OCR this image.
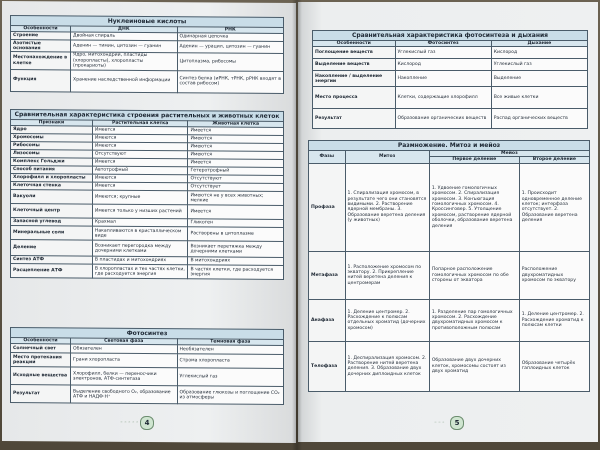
Нуклеиновые кислоты
Особенности	ДНК	РНК
Строение	Двойная спираль	Одинарная цепочка
Азотистые основания	Аденин — тимин, цитозин — гуанин	Аденин — урацил, цитозин — гуанин
Местонахождение в клетке	Ядро, митохондрии, пластиды (хлоропласты), хлоропласты (прокариоты)	Цитоплазма, рибосомы
Функция	Хранение наследственной информации	Синтез белка (иРНК, тРНК, рРНК входят в состав рибосом)
Сравнительная характеристика строения растительных и животных клеток
Признаки	Растительная клетка	Животная клетка
Ядро	Имеется	Имеется
Хромосомы	Имеются	Имеются
Рибосомы	Имеются	Имеются
Лизосомы	Отсутствуют	Имеются
Комплекс Гольджи	Имеется	Имеется
Способ питания	Автотрофный	Гетеротрофный
Хлорофилл и хлоропласты	Имеются	Отсутствуют
Клеточная стенка	Имеется	Отсутствует
Вакуоли	Имеются; крупные	Имеются не у всех животных; мелкие
Клеточный центр	Имеется только у низших растений	Имеется
Запасной углевод	Крахмал	Гликоген
Минеральные соли	Накапливаются в кристаллическом виде	Растворены в цитоплазме
Деление	Возникает перегородка между дочерними клетками	Возникает перетяжка между дочерними клетками
Синтез АТФ	В пластидах и митохондриях	В митохондриях
Расщепление АТФ	В хлоропластах и тех частях клетки, где расходуется энергия	В частях клетки, где расходуется энергия
Фотосинтез
Особенности	Световая фаза	Темновая фаза
Солнечный свет	Обязателен	Необязателен
Место протекания реакции	Грани хлоропласта	Строма хлоропласта
Исходные вещества	Хлорофилл, белки — переносчики электронов, АТФ-синтетаза	Углекислый газ
Результат	Выделение свободного O₂, образование АТФ и НАДФ·Н⁺	Образование глюкозы и поглощение CO₂ из атмосферы
◦◦◦◦◦ 4
Сравнительная характеристика фотосинтеза и дыхания
Особенности	Фотосинтез	Дыхание
Поглощение веществ	Углекислый газ	Кислород
Выделение веществ	Кислород	Углекислый газ
Накопление / выделение энергии	Накопление	Выделение
Место процесса	Клетки, содержащие хлорофилл	Все живые клетки
Результат	Образование органических веществ	Распад органических веществ
Размножение. Митоз и мейоз
Фазы	Митоз	Мейоз	
		Первое деление	Второе деление
Профаза	1. Спирализация хромосом, в результате чего они становятся видимыми. 2. Растворение ядерной мембраны. 3. Образование веретена деления (у животных)	1. Удвоение гомологичных хромосом. 2. Спирализация хромосом. 3. Конъюгация гомологичных хромосом. 4. Кроссинговер. 5. Утолщение хромосом, растворение ядерной оболочки, образование веретена деления	1. Происходит одновременное деление клеток; интерфаза отсутствует. 2. Образование веретена деления
Метафаза	1. Расположение хромосом по экватору. 2. Прикрепление нитей веретена деления к центромерам	Попарное расположение гомологичных хромосом по обе стороны от экватора	Расположение двухроматидных хромосом по экватору
Анафаза	1. Деление центромер. 2. Расхождение к полюсам отдельных хроматид (дочерних хромосом)	1. Разделение пар гомологичных хромосом. 2. Расхождение двухроматидных хромосом к противоположным полюсам	1. Деление центромер. 2. Расхождение хроматид к полюсам клетки
Телофаза	1. Деспирализация хромосом. 2. Растворение нитей веретена деления. 3. Образование двух дочерних диплоидных клеток	Образование двух дочерних клеток, хромосомы состоят из двух хроматид	Образование четырёх гаплоидных клеток
◦◦◦	5
